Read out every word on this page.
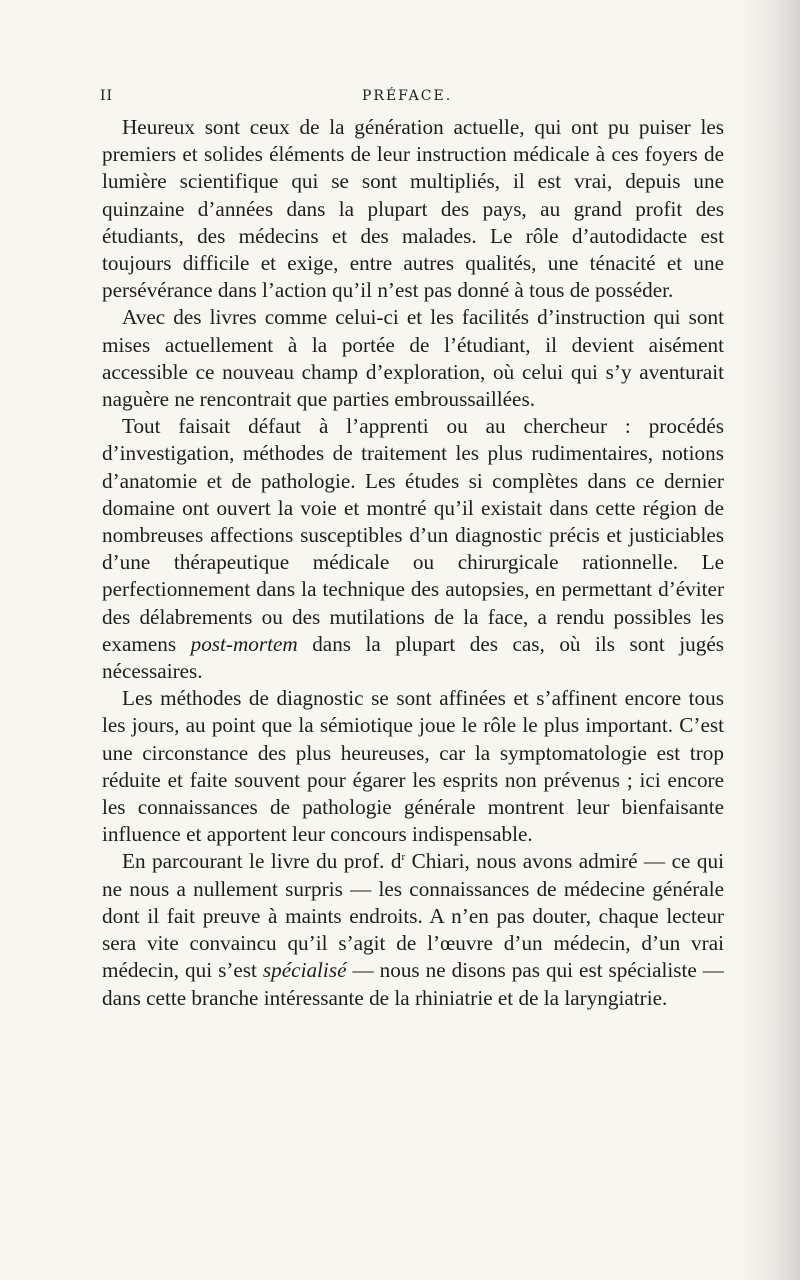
II	PRÉFACE.

Heureux sont ceux de la génération actuelle, qui ont pu puiser les premiers et solides éléments de leur instruction médicale à ces foyers de lumière scientifique qui se sont multipliés, il est vrai, depuis une quinzaine d’années dans la plupart des pays, au grand profit des étudiants, des médecins et des malades. Le rôle d’autodidacte est toujours difficile et exige, entre autres qualités, une ténacité et une persévérance dans l’action qu’il n’est pas donné à tous de posséder.

Avec des livres comme celui-ci et les facilités d’instruction qui sont mises actuellement à la portée de l’étudiant, il devient aisément accessible ce nouveau champ d’exploration, où celui qui s’y aventurait naguère ne rencontrait que parties embroussaillées.

Tout faisait défaut à l’apprenti ou au chercheur : procédés d’investigation, méthodes de traitement les plus rudimentaires, notions d’anatomie et de pathologie. Les études si complètes dans ce dernier domaine ont ouvert la voie et montré qu’il existait dans cette région de nombreuses affections susceptibles d’un diagnostic précis et justiciables d’une thérapeutique médicale ou chirurgicale rationnelle. Le perfectionnement dans la technique des autopsies, en permettant d’éviter des délabrements ou des mutilations de la face, a rendu possibles les examens post-mortem dans la plupart des cas, où ils sont jugés nécessaires.

Les méthodes de diagnostic se sont affinées et s’affinent encore tous les jours, au point que la sémiotique joue le rôle le plus important. C’est une circonstance des plus heureuses, car la symptomatologie est trop réduite et faite souvent pour égarer les esprits non prévenus ; ici encore les connaissances de pathologie générale montrent leur bienfaisante influence et apportent leur concours indispensable.

En parcourant le livre du prof. $d^r$ Chiari, nous avons admiré — ce qui ne nous a nullement surpris — les connaissances de médecine générale dont il fait preuve à maints endroits. A n’en pas douter, chaque lecteur sera vite convaincu qu’il s’agit de l’œuvre d’un médecin, d’un vrai médecin, qui s’est spécialisé — nous ne disons pas qui est spécialiste — dans cette branche intéressante de la rhiniatrie et de la laryngiatrie.
